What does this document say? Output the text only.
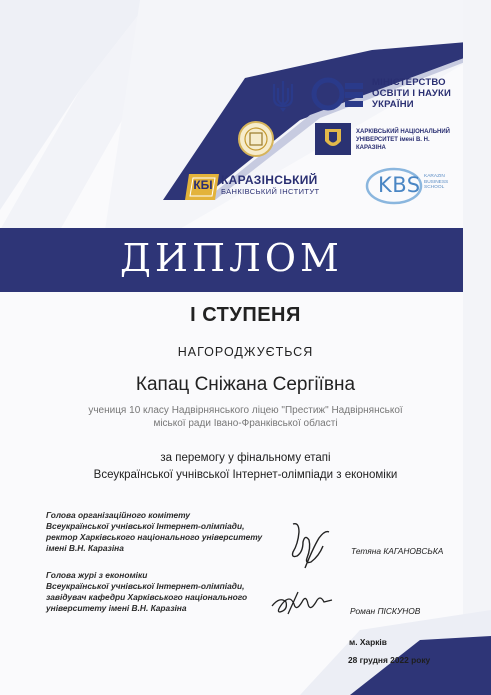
МІНІСТЕРСТВО
ОСВІТИ І НАУКИ
УКРАЇНИ
ХАРКІВСЬКИЙ НАЦІОНАЛЬНИЙ
УНІВЕРСИТЕТ імені В. Н. КАРАЗІНА
КБІ КАРАЗІНСЬКИЙ
БАНКІВСЬКИЙ ІНСТИТУТ	KBS KARAZIN
BUSINESS
SCHOOL
ДИПЛОМ
І СТУПЕНЯ
НАГОРОДЖУЄТЬСЯ
Капац Сніжана Сергіївна
учениця 10 класу Надвірнянського ліцею "Престиж" Надвірнянської
міської ради Івано-Франківської області
за перемогу у фінальному етапі
Всеукраїнської учнівської Інтернет-олімпіади з економіки
Голова організаційного комітету
Всеукраїнської учнівської Інтернет-олімпіади,
ректор Харківського національного університету
імені В.Н. Каразіна	Тетяна КАГАНОВСЬКА
Голова журі з економіки
Всеукраїнської учнівської Інтернет-олімпіади,
завідувач кафедри Харківського національного
університету імені В.Н. Каразіна	Роман ПІСКУНОВ
м. Харків
28 грудня 2022 року
